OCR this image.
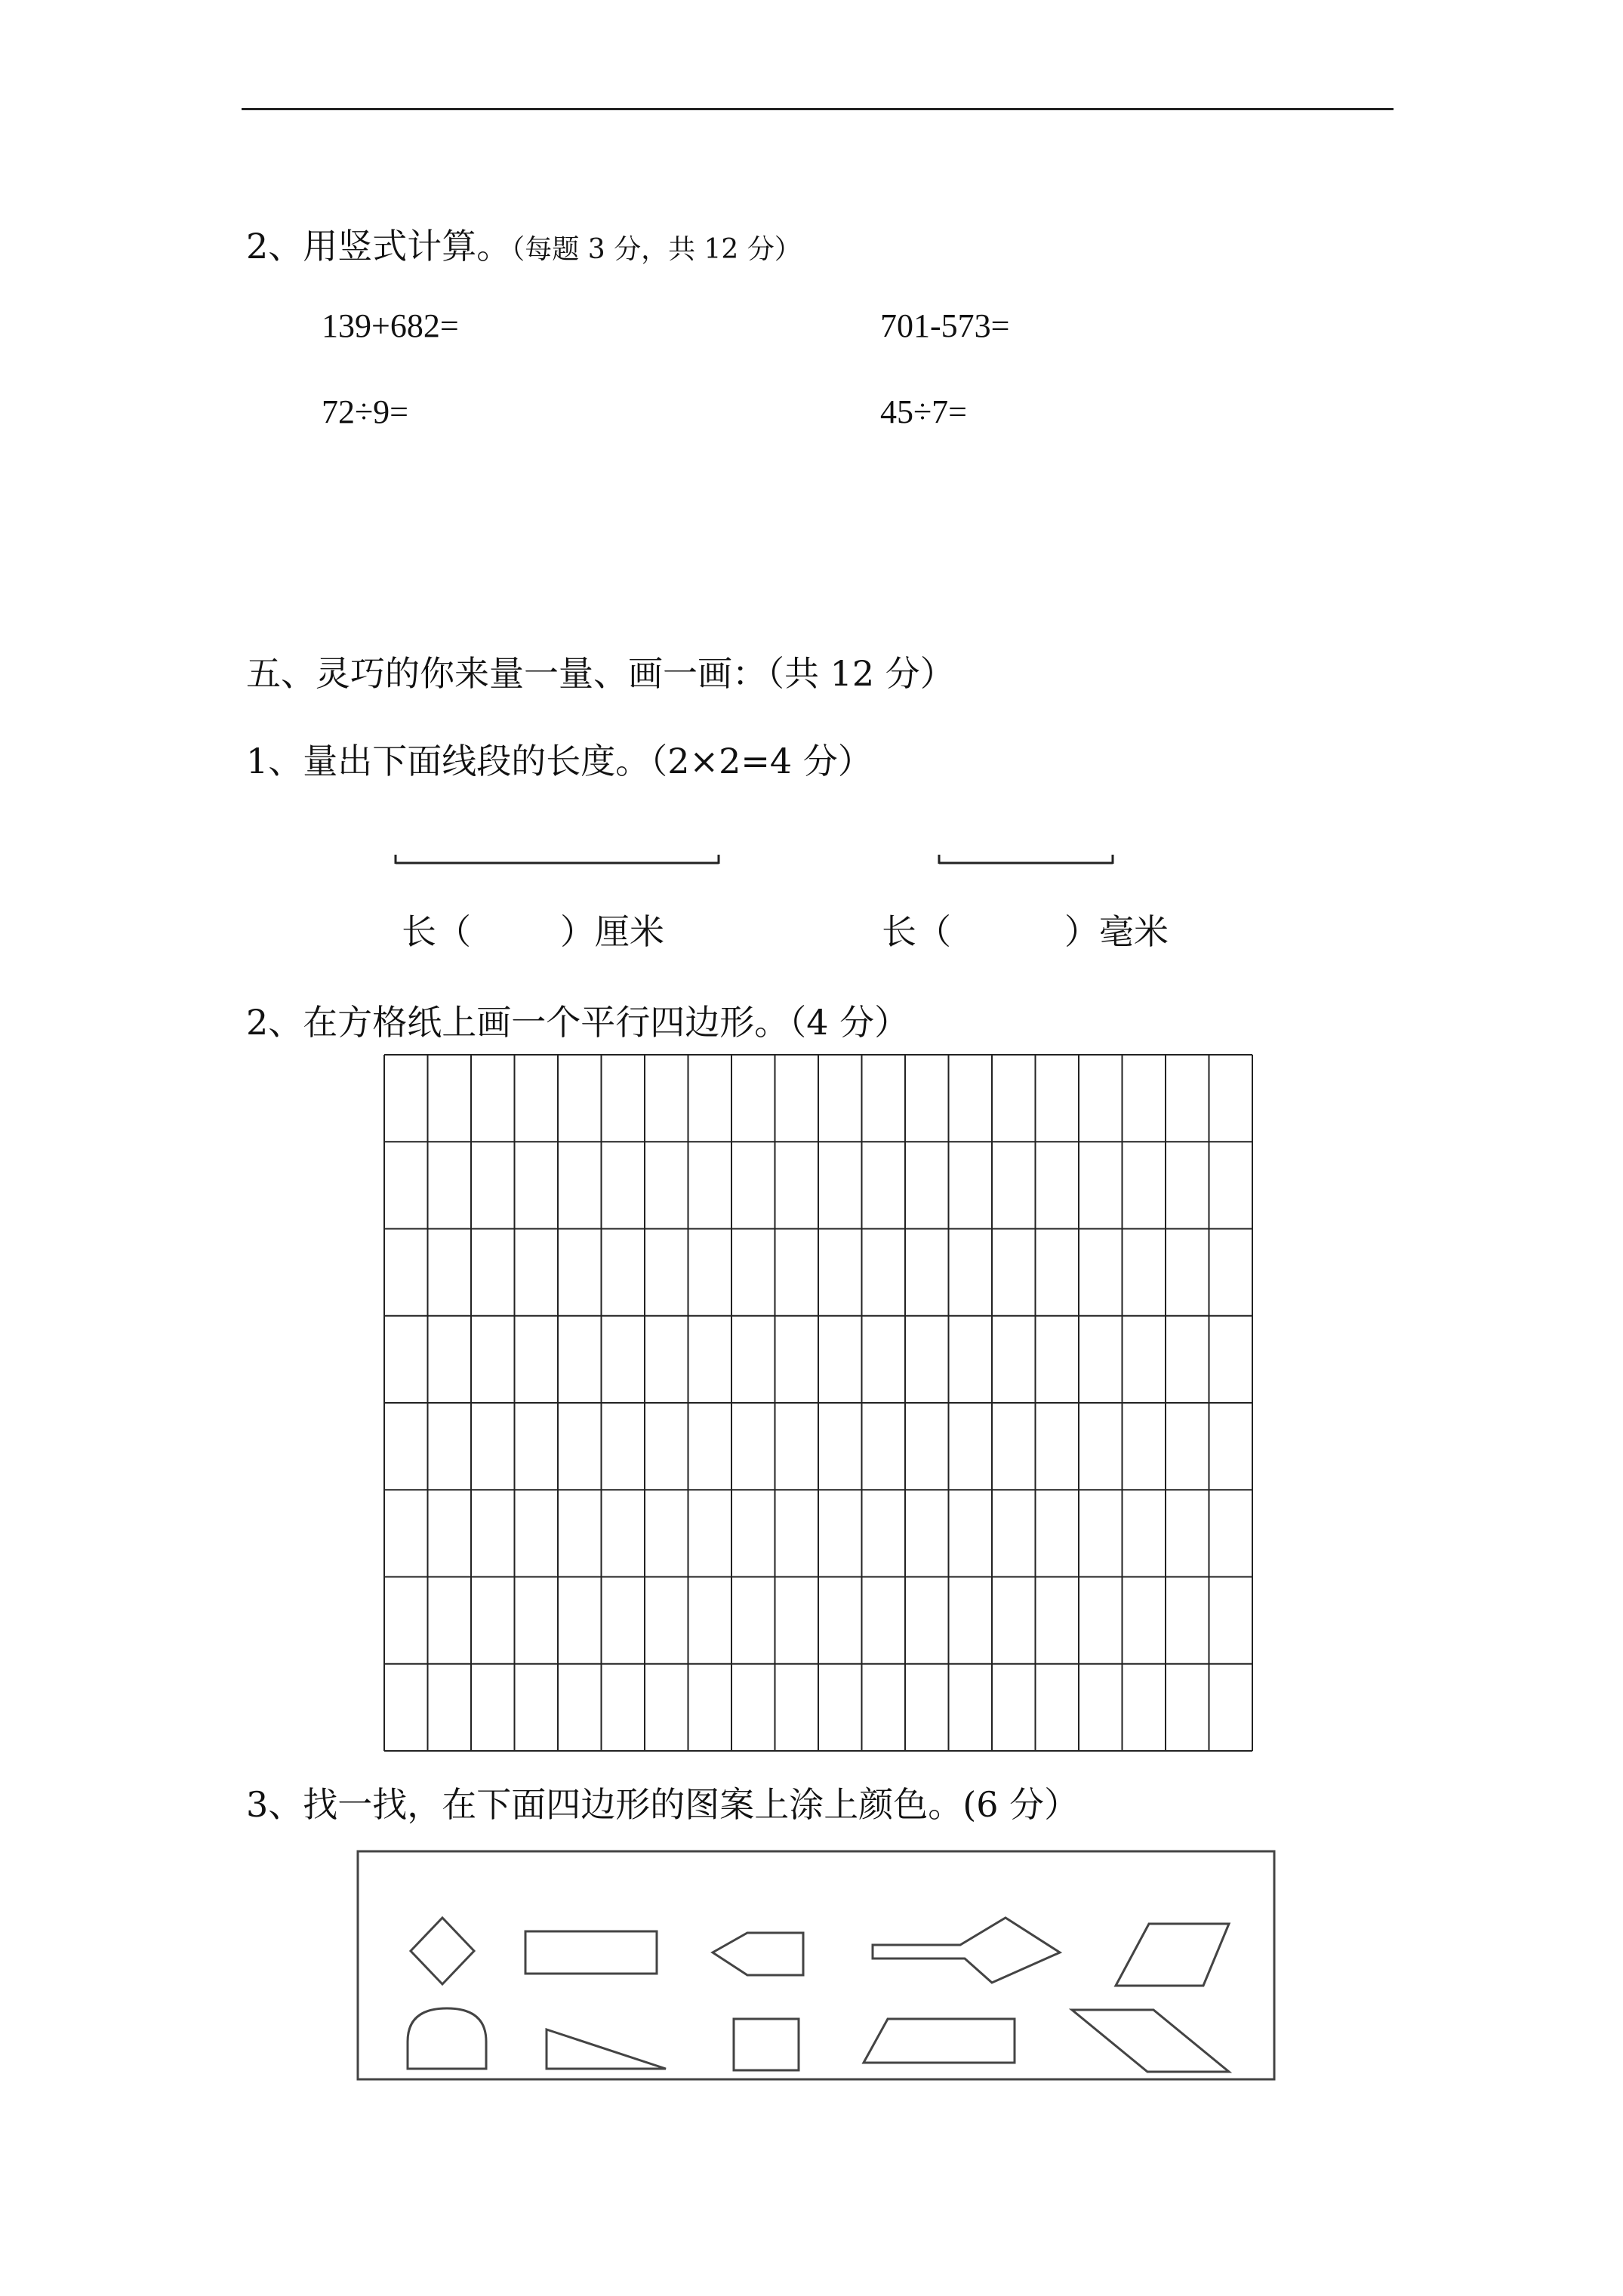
2、用竖式计算。（每题 3 分，共 12 分）
139+682=	701-573=
72÷9=	45÷7=
五、灵巧的你来量一量、画一画：（共 12 分）
1、量出下面线段的长度。（2×2=4 分）
长（	）厘米	长（	）毫米
2、在方格纸上画一个平行四边形。（4 分）
3、找一找，在下面四边形的图案上涂上颜色。(6 分）
